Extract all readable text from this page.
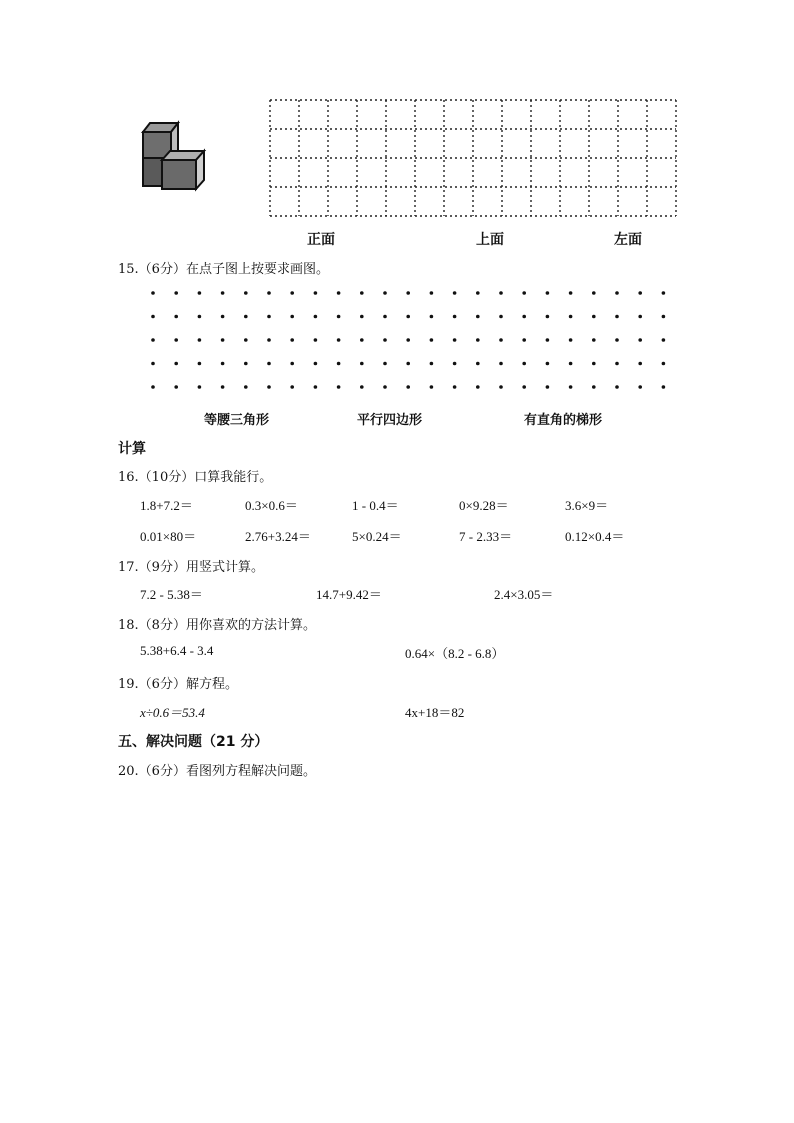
正面	上面	左面
15.（6分）在点子图上按要求画图。
等腰三角形	平行四边形	有直角的梯形
计算
16.（10分）口算我能行。
1.8+7.2＝	0.3×0.6＝	1 - 0.4＝	0×9.28＝	3.6×9＝
0.01×80＝	2.76+3.24＝	5×0.24＝	7 - 2.33＝	0.12×0.4＝
17.（9分）用竖式计算。
7.2 - 5.38＝	14.7+9.42＝	2.4×3.05＝
18.（8分）用你喜欢的方法计算。
5.38+6.4 - 3.4	0.64×（8.2 - 6.8）
19.（6分）解方程。
x÷0.6＝53.4	4x+18＝82
五、解决问题（21 分）
20.（6分）看图列方程解决问题。
